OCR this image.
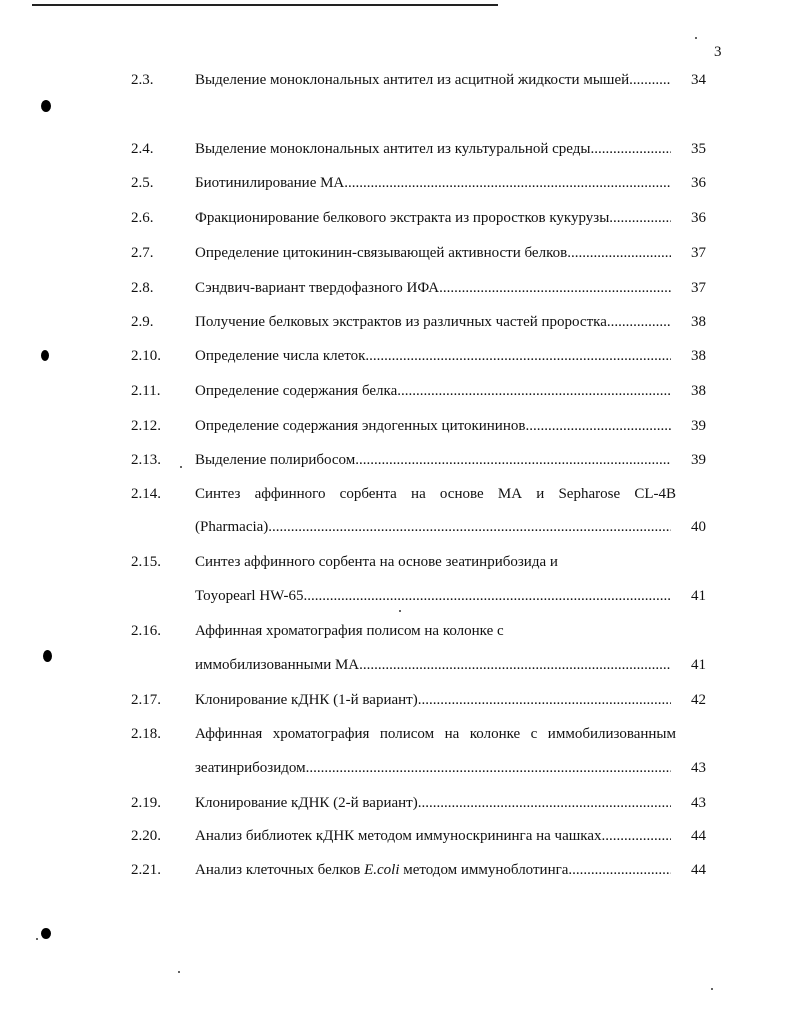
3
2.3.	Выделение моноклональных антител из асцитной жидкости мышей .....	34
2.4.	Выделение моноклональных антител из культуральной среды .....	35
2.5.	Биотинилирование МА .....	36
2.6.	Фракционирование белкового экстракта из проростков кукурузы .....	36
2.7.	Определение цитокинин-связывающей активности белков .....	37
2.8.	Сэндвич-вариант твердофазного ИФА .....	37
2.9.	Получение белковых экстрактов из различных частей проростка .....	38
2.10. Определение числа клеток .....	38
2.11. Определение содержания белка .....	38
2.12. Определение содержания эндогенных цитокининов .....	39
2.13. Выделение полирибосом .....	39
2.14. Синтез аффинного сорбента на основе МА и Sepharose CL-4B
(Pharmacia) .....	40
2.15. Синтез аффинного сорбента на основе зеатинрибозида и
Toyopearl HW-65 .....	41
2.16. Аффинная хроматография полисом на колонке с
иммобилизованными МА .....	41
2.17. Клонирование кДНК (1-й вариант) .....	42
2.18. Аффинная хроматография полисом на колонке с иммобилизованным
зеатинрибозидом .....	43
2.19. Клонирование кДНК (2-й вариант) .....	43
2.20. Анализ библиотек кДНК методом иммуноскрининга на чашках .....	44
2.21. Анализ клеточных белков E.coli методом иммуноблотинга .....	44
